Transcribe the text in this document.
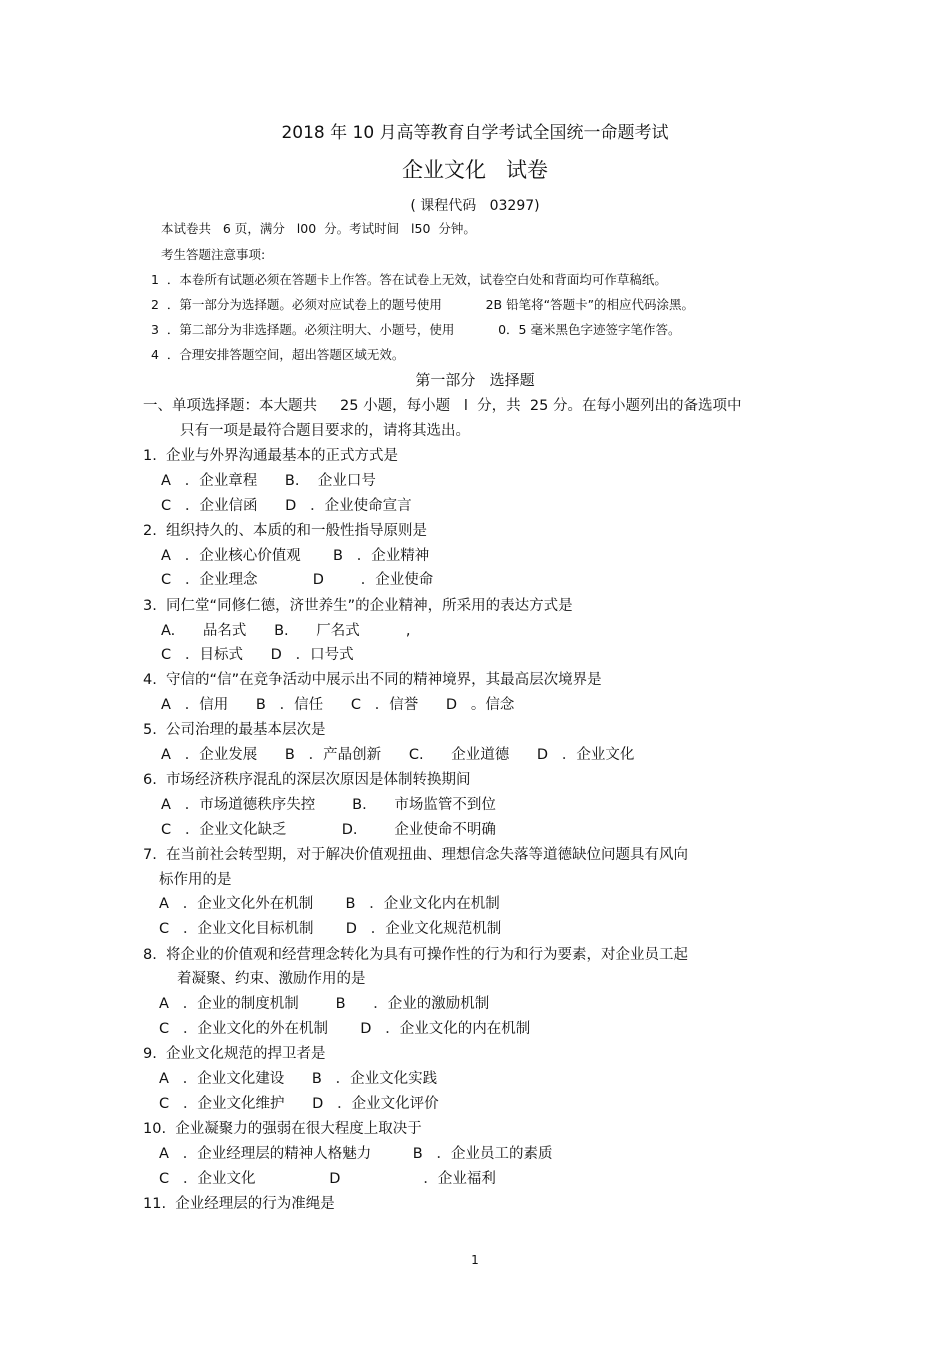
2018 年 10 月高等教育自学考试全国统一命题考试
企业文化   试卷
( 课程代码   03297)
本试卷共   6 页，满分   l00  分。考试时间   l50  分钟。
考生答题注意事项:
1  ．本卷所有试题必须在答题卡上作答。答在试卷上无效，试卷空白处和背面均可作草稿纸。
2  ．第一部分为选择题。必须对应试卷上的题号使用           2B 铅笔将“答题卡”的相应代码涂黑。
3  ．第二部分为非选择题。必须注明大、小题号，使用           0．5 毫米黑色字迹签字笔作答。
4  ．合理安排答题空间，超出答题区域无效。
第一部分   选择题
一、单项选择题：本大题共     25 小题，每小题   l  分，共  25 分。在每小题列出的备选项中
只有一项是最符合题目要求的，请将其选出。
1.  企业与外界沟通最基本的正式方式是
A   ．企业章程      B.    企业口号
C   ．企业信函      D   ．企业使命宣言
2.  组织持久的、本质的和一般性指导原则是
A   ．企业核心价值观       B   ．企业精神
C   ．企业理念            D        ．企业使命
3.  同仁堂“同修仁德，济世养生”的企业精神，所采用的表达方式是
A.      品名式      B.      厂名式          ,
C   ．目标式      D   ．口号式
4.  守信的“信”在竞争活动中展示出不同的精神境界，其最高层次境界是
A   ．信用      B   ．信任      C   ．信誉      D   。信念
5.  公司治理的最基本层次是
A   ．企业发展      B   ．产晶创新      C.      企业道德      D   ．企业文化
6.  市场经济秩序混乱的深层次原因是体制转换期间
A   ．市场道德秩序失控        B.      市场监管不到位
C   ．企业文化缺乏            D.        企业使命不明确
7.  在当前社会转型期，对于解决价值观扭曲、理想信念失落等道德缺位问题具有风向
标作用的是
A   ．企业文化外在机制       B   ．企业文化内在机制
C   ．企业文化目标机制       D   ．企业文化规范机制
8.  将企业的价值观和经营理念转化为具有可操作性的行为和行为要素，对企业员工起
着凝聚、约束、激励作用的是
A   ．企业的制度机制        B      ．企业的激励机制
C   ．企业文化的外在机制       D   ．企业文化的内在机制
9.  企业文化规范的捍卫者是
A   ．企业文化建设      B   ．企业文化实践
C   ．企业文化维护      D   ．企业文化评价
10.  企业凝聚力的强弱在很大程度上取决于
A   ．企业经理层的精神人格魅力         B   ．企业员工的素质
C   ．企业文化                D                  ．企业福利
11.  企业经理层的行为准绳是
1
